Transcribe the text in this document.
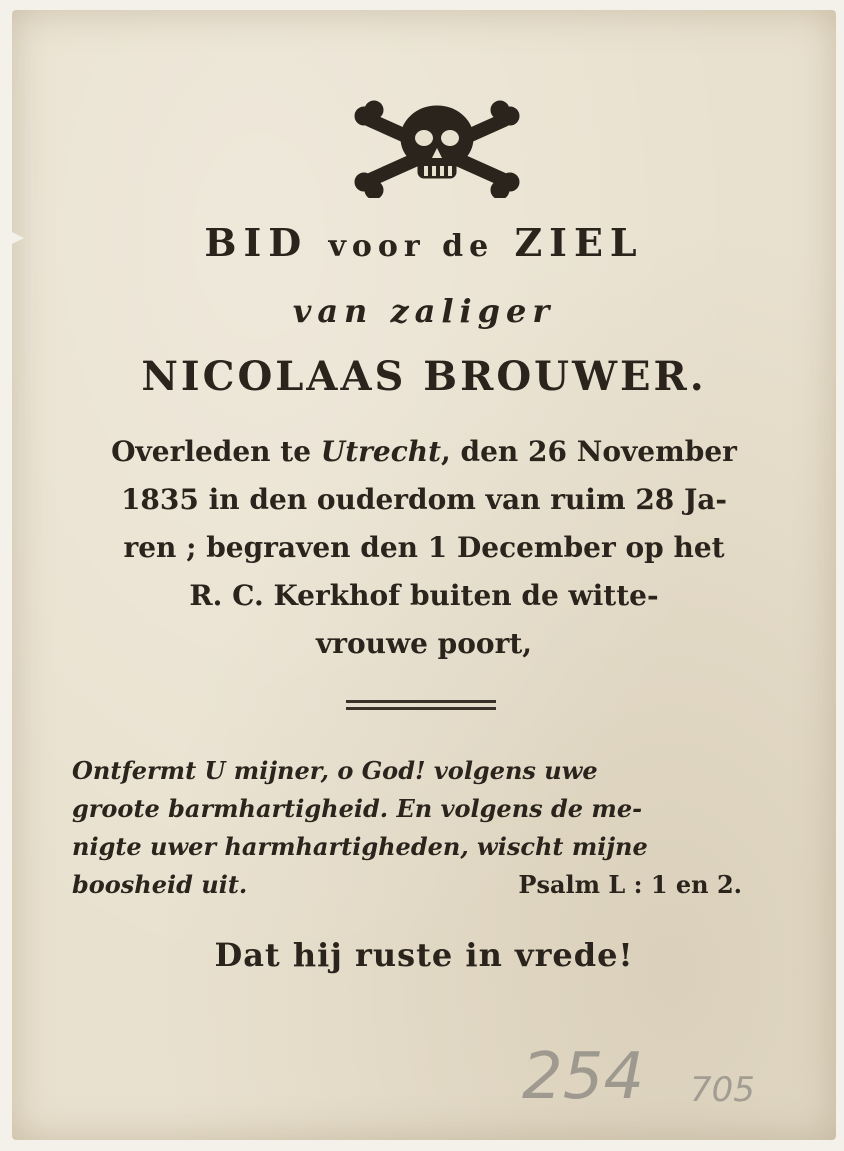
BID voor de ZIEL
van zaliger
NICOLAAS BROUWER.
Overleden te Utrecht, den 26 November
1835 in den ouderdom van ruim 28 Ja-
ren ; begraven den 1 December op het
R. C. Kerkhof buiten de witte-
vrouwe poort,
Ontfermt U mijner, o God! volgens uwe
groote barmhartigheid. En volgens de me-
nigte uwer harmhartigheden, wischt mijne
boosheid uit.	Psalm L : 1 en 2.
Dat hij ruste in vrede!
254 705
